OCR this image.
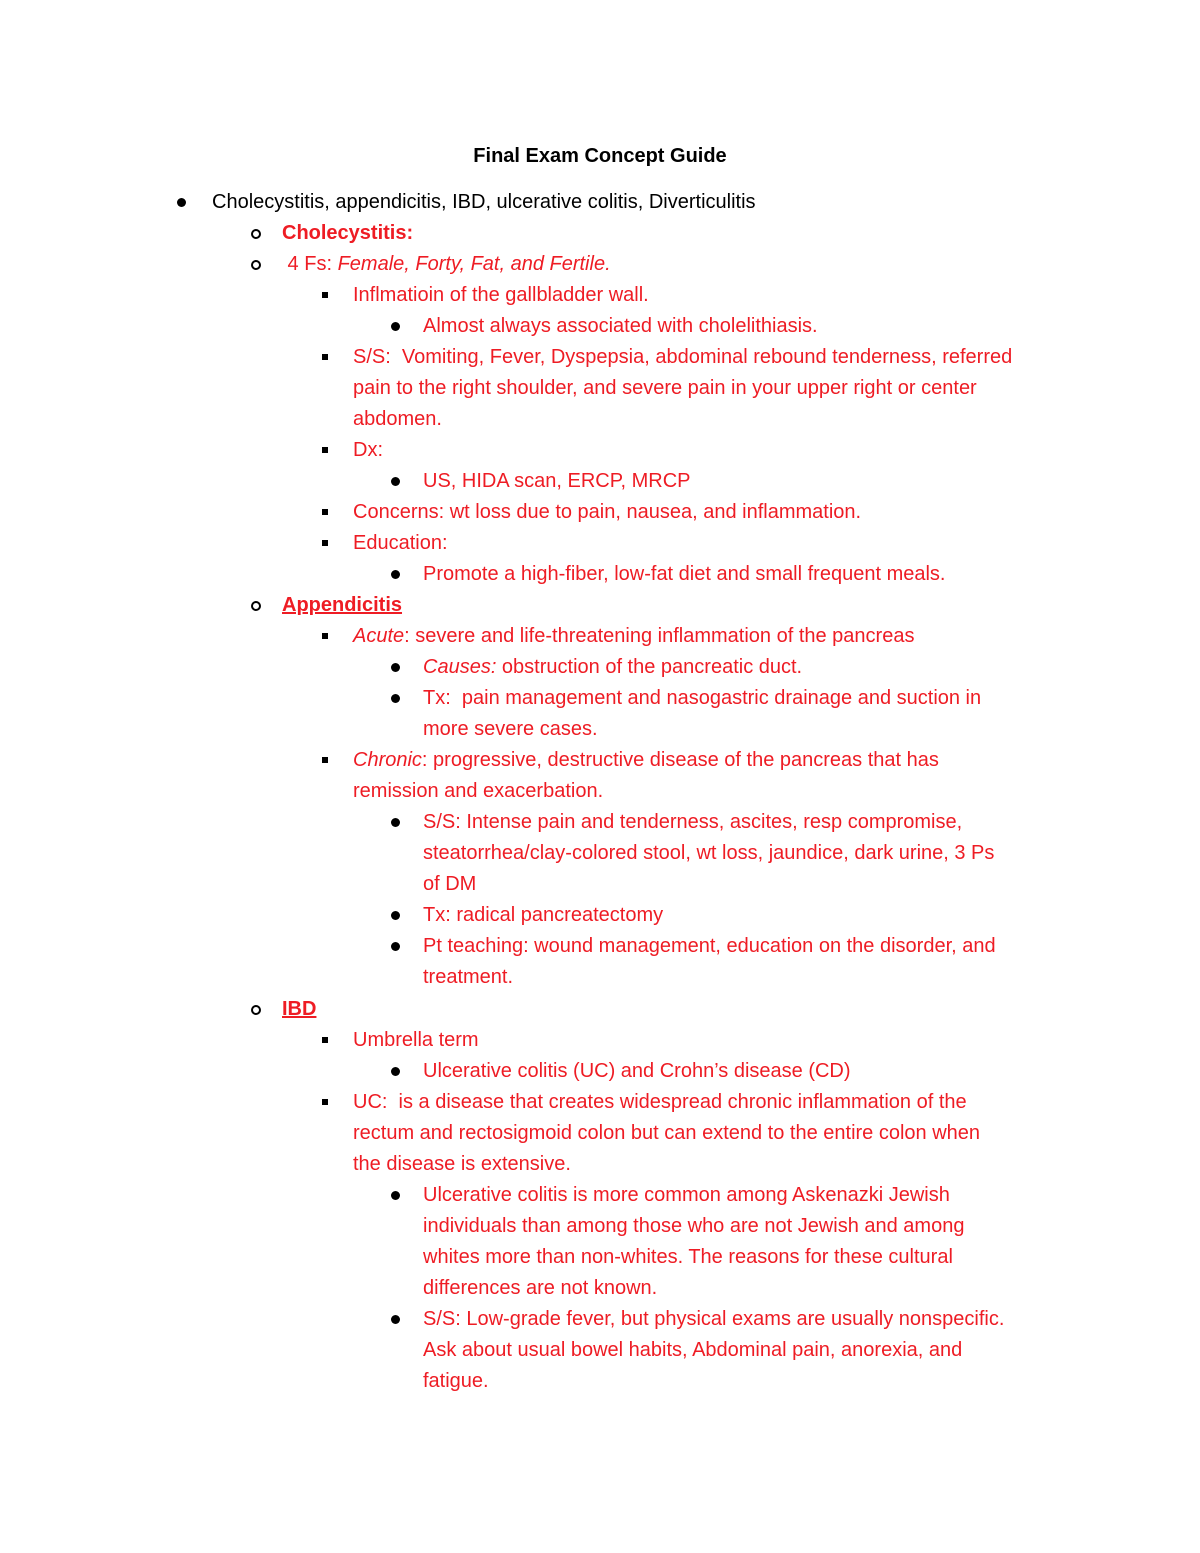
Final Exam Concept Guide
Cholecystitis, appendicitis, IBD, ulcerative colitis, Diverticulitis
Cholecystitis:
4 Fs: Female, Forty, Fat, and Fertile.
Inflmatioin of the gallbladder wall.
Almost always associated with cholelithiasis.
S/S:  Vomiting, Fever, Dyspepsia, abdominal rebound tenderness, referred
pain to the right shoulder, and severe pain in your upper right or center
abdomen.
Dx:
US, HIDA scan, ERCP, MRCP
Concerns: wt loss due to pain, nausea, and inflammation.
Education:
Promote a high-fiber, low-fat diet and small frequent meals.
Appendicitis
Acute: severe and life-threatening inflammation of the pancreas
Causes: obstruction of the pancreatic duct.
Tx:  pain management and nasogastric drainage and suction in
more severe cases.
Chronic: progressive, destructive disease of the pancreas that has
remission and exacerbation.
S/S: Intense pain and tenderness, ascites, resp compromise,
steatorrhea/clay-colored stool, wt loss, jaundice, dark urine, 3 Ps
of DM
Tx: radical pancreatectomy
Pt teaching: wound management, education on the disorder, and
treatment.
IBD
Umbrella term
Ulcerative colitis (UC) and Crohn’s disease (CD)
UC:  is a disease that creates widespread chronic inflammation of the
rectum and rectosigmoid colon but can extend to the entire colon when
the disease is extensive.
Ulcerative colitis is more common among Askenazki Jewish
individuals than among those who are not Jewish and among
whites more than non-whites. The reasons for these cultural
differences are not known.
S/S: Low-grade fever, but physical exams are usually nonspecific.
Ask about usual bowel habits, Abdominal pain, anorexia, and
fatigue.
